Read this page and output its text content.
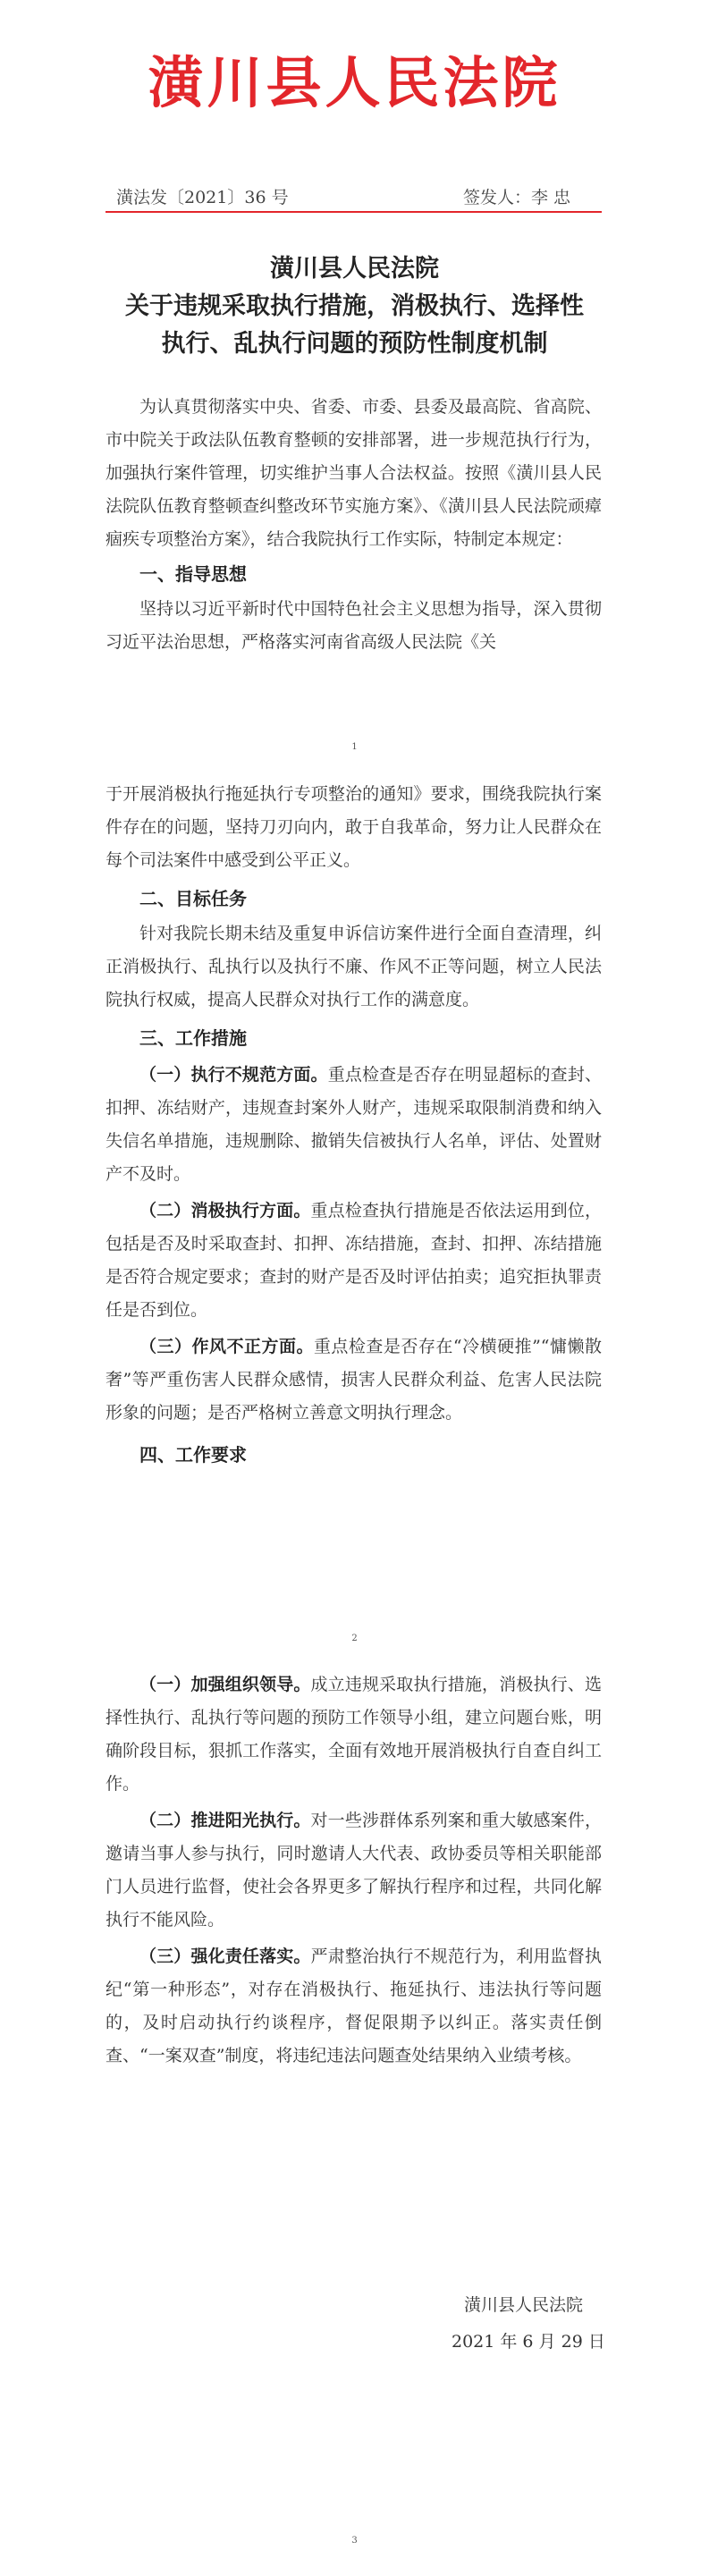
潢川县人民法院
潢法发〔2021〕36 号	签发人：李 忠
潢川县人民法院
关于违规采取执行措施，消极执行、选择性
执行、乱执行问题的预防性制度机制

为认真贯彻落实中央、省委、市委、县委及最高院、省高院、市中院关于政法队伍教育整顿的安排部署，进一步规范执行行为，加强执行案件管理，切实维护当事人合法权益。按照《潢川县人民法院队伍教育整顿查纠整改环节实施方案》、《潢川县人民法院顽瘴痼疾专项整治方案》，结合我院执行工作实际，特制定本规定：

一、指导思想

坚持以习近平新时代中国特色社会主义思想为指导，深入贯彻习近平法治思想，严格落实河南省高级人民法院《关

1

于开展消极执行拖延执行专项整治的通知》要求，围绕我院执行案件存在的问题，坚持刀刃向内，敢于自我革命，努力让人民群众在每个司法案件中感受到公平正义。

二、目标任务

针对我院长期未结及重复申诉信访案件进行全面自查清理，纠正消极执行、乱执行以及执行不廉、作风不正等问题，树立人民法院执行权威，提高人民群众对执行工作的满意度。

三、工作措施

（一）执行不规范方面。重点检查是否存在明显超标的查封、扣押、冻结财产，违规查封案外人财产，违规采取限制消费和纳入失信名单措施，违规删除、撤销失信被执行人名单，评估、处置财产不及时。

（二）消极执行方面。重点检查执行措施是否依法运用到位，包括是否及时采取查封、扣押、冻结措施，查封、扣押、冻结措施是否符合规定要求；查封的财产是否及时评估拍卖；追究拒执罪责任是否到位。

（三）作风不正方面。重点检查是否存在“冷横硬推”“慵懒散奢”等严重伤害人民群众感情，损害人民群众利益、危害人民法院形象的问题；是否严格树立善意文明执行理念。

四、工作要求

2

（一）加强组织领导。成立违规采取执行措施，消极执行、选择性执行、乱执行等问题的预防工作领导小组，建立问题台账，明确阶段目标，狠抓工作落实，全面有效地开展消极执行自查自纠工作。

（二）推进阳光执行。对一些涉群体系列案和重大敏感案件，邀请当事人参与执行，同时邀请人大代表、政协委员等相关职能部门人员进行监督，使社会各界更多了解执行程序和过程，共同化解执行不能风险。

（三）强化责任落实。严肃整治执行不规范行为，利用监督执纪“第一种形态”，对存在消极执行、拖延执行、违法执行等问题的，及时启动执行约谈程序，督促限期予以纠正。落实责任倒查、“一案双查”制度，将违纪违法问题查处结果纳入业绩考核。

潢川县人民法院
2021 年 6 月 29 日
3
